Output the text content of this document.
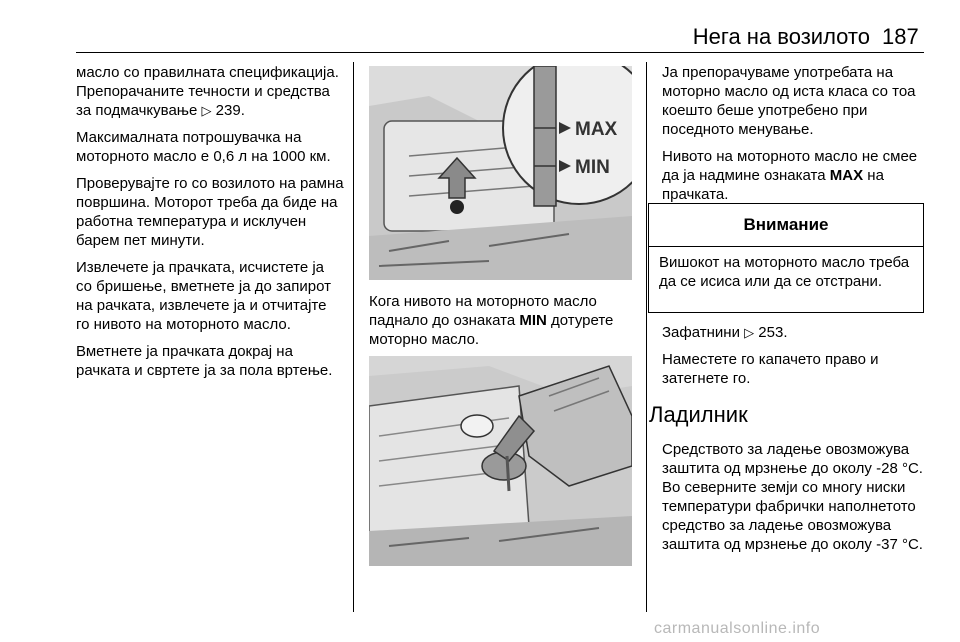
Нега на возилото 187

масло со правилната спецификација. Препорачаните течности и средства за подмачкување ▷ 239.

Максималната потрошувачка на моторното масло е 0,6 л на 1000 км.

Проверувајте го со возилото на рамна површина. Моторот треба да биде на работна температура и исклучен барем пет минути.

Извлечете ја прачката, исчистете ја со бришење, вметнете ја до запирот на рачката, извлечете ја и отчитајте го нивото на моторното масло.

Вметнете ја прачката докрај на рачката и свртете ја за пола вртење.

MAX
MIN
Кога нивото на моторното масло паднало до ознаката MIN дотурете моторно масло.

Ја препорачуваме употребата на моторно масло од иста класа со тоа коешто беше употребено при поседното менување.

Нивото на моторното масло не смее да ја надмине ознаката MAX на прачката.

Внимание
Вишокот на моторното масло треба да се исиса или да се отстрани.

Зафатнини ▷ 253.

Наместете го капачето право и затегнете го.

Ладилник
Средството за ладење овозможува заштита од мрзнење до околу -28 °C. Во северните земји со многу ниски температури фабрички наполнетото средство за ладење овозможува заштита од мрзнење до околу -37 °C.
carmanualsonline.info
